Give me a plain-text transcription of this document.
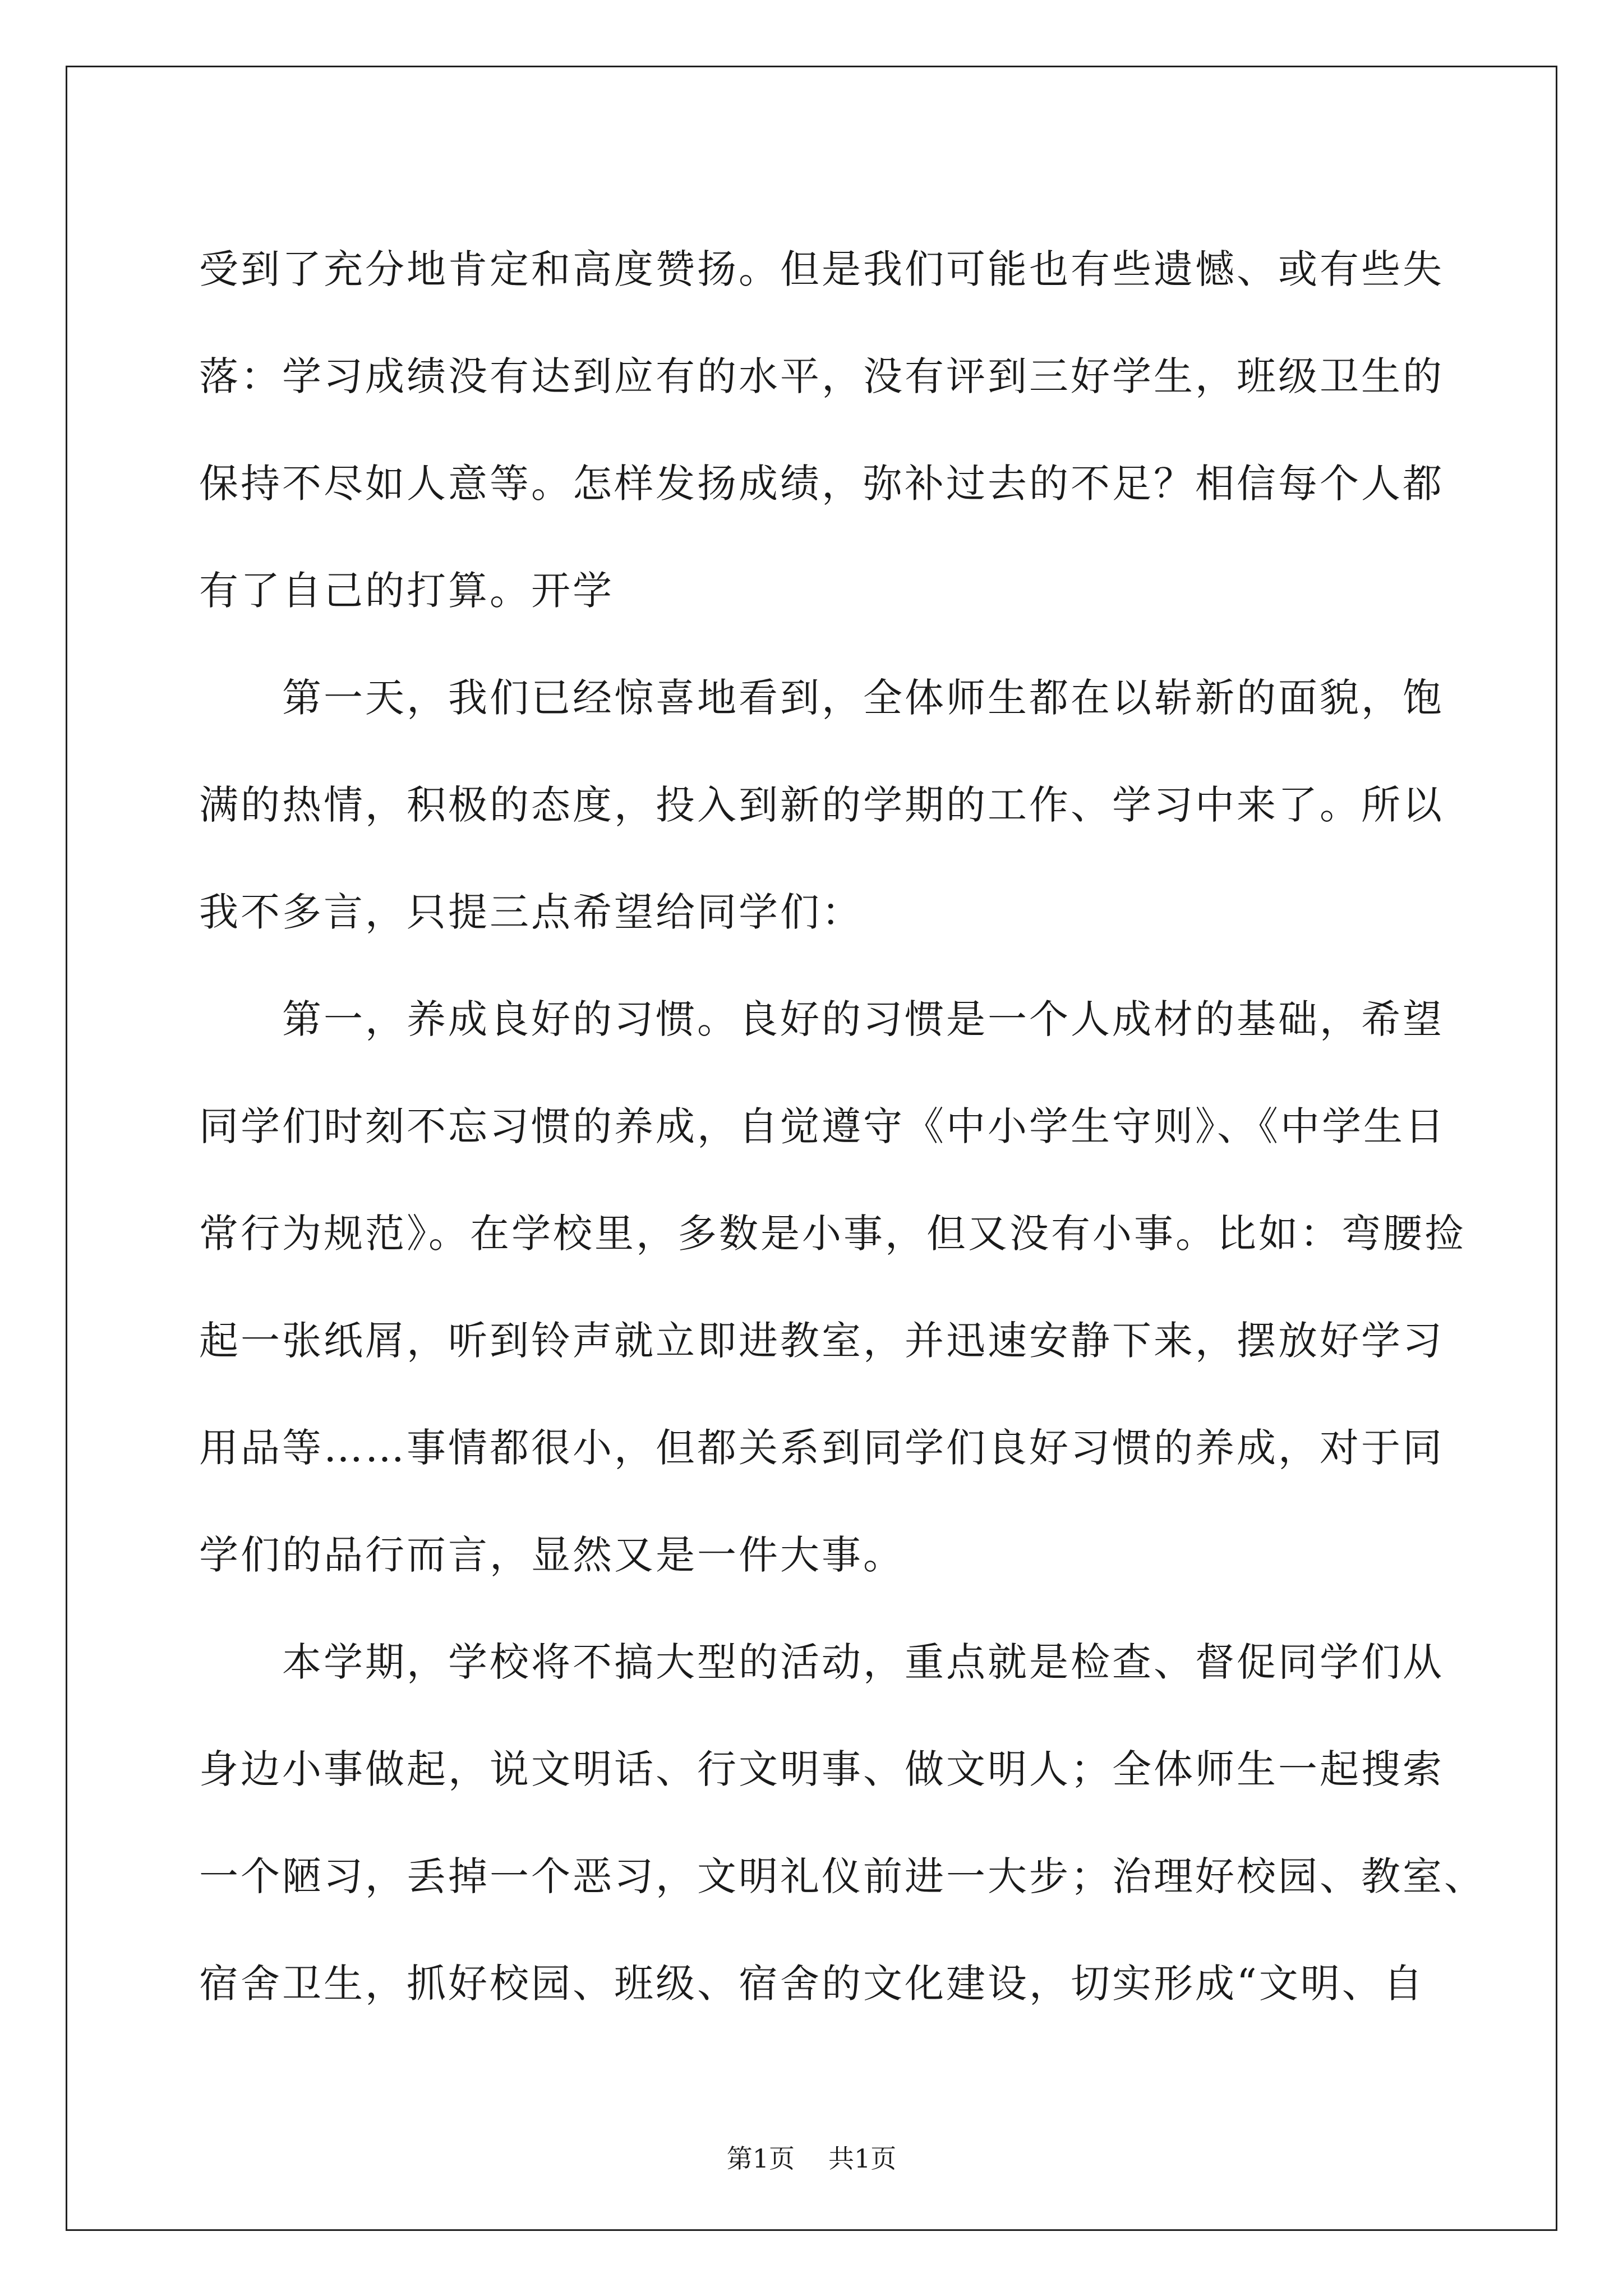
受到了充分地肯定和高度赞扬。但是我们可能也有些遗憾、或有些失
落：学习成绩没有达到应有的水平，没有评到三好学生，班级卫生的
保持不尽如人意等。怎样发扬成绩，弥补过去的不足？相信每个人都
有了自己的打算。开学
第一天，我们已经惊喜地看到，全体师生都在以崭新的面貌，饱
满的热情，积极的态度，投入到新的学期的工作、学习中来了。所以
我不多言，只提三点希望给同学们：
第一，养成良好的习惯。良好的习惯是一个人成材的基础，希望
同学们时刻不忘习惯的养成，自觉遵守《中小学生守则》、《中学生日
常行为规范》。在学校里，多数是小事，但又没有小事。比如：弯腰捡
起一张纸屑，听到铃声就立即进教室，并迅速安静下来，摆放好学习
用品等……事情都很小，但都关系到同学们良好习惯的养成，对于同
学们的品行而言，显然又是一件大事。
本学期，学校将不搞大型的活动，重点就是检查、督促同学们从
身边小事做起，说文明话、行文明事、做文明人；全体师生一起搜索
一个陋习，丢掉一个恶习，文明礼仪前进一大步；治理好校园、教室、
宿舍卫生，抓好校园、班级、宿舍的文化建设，切实形成“文明、自
第1页 共1页
